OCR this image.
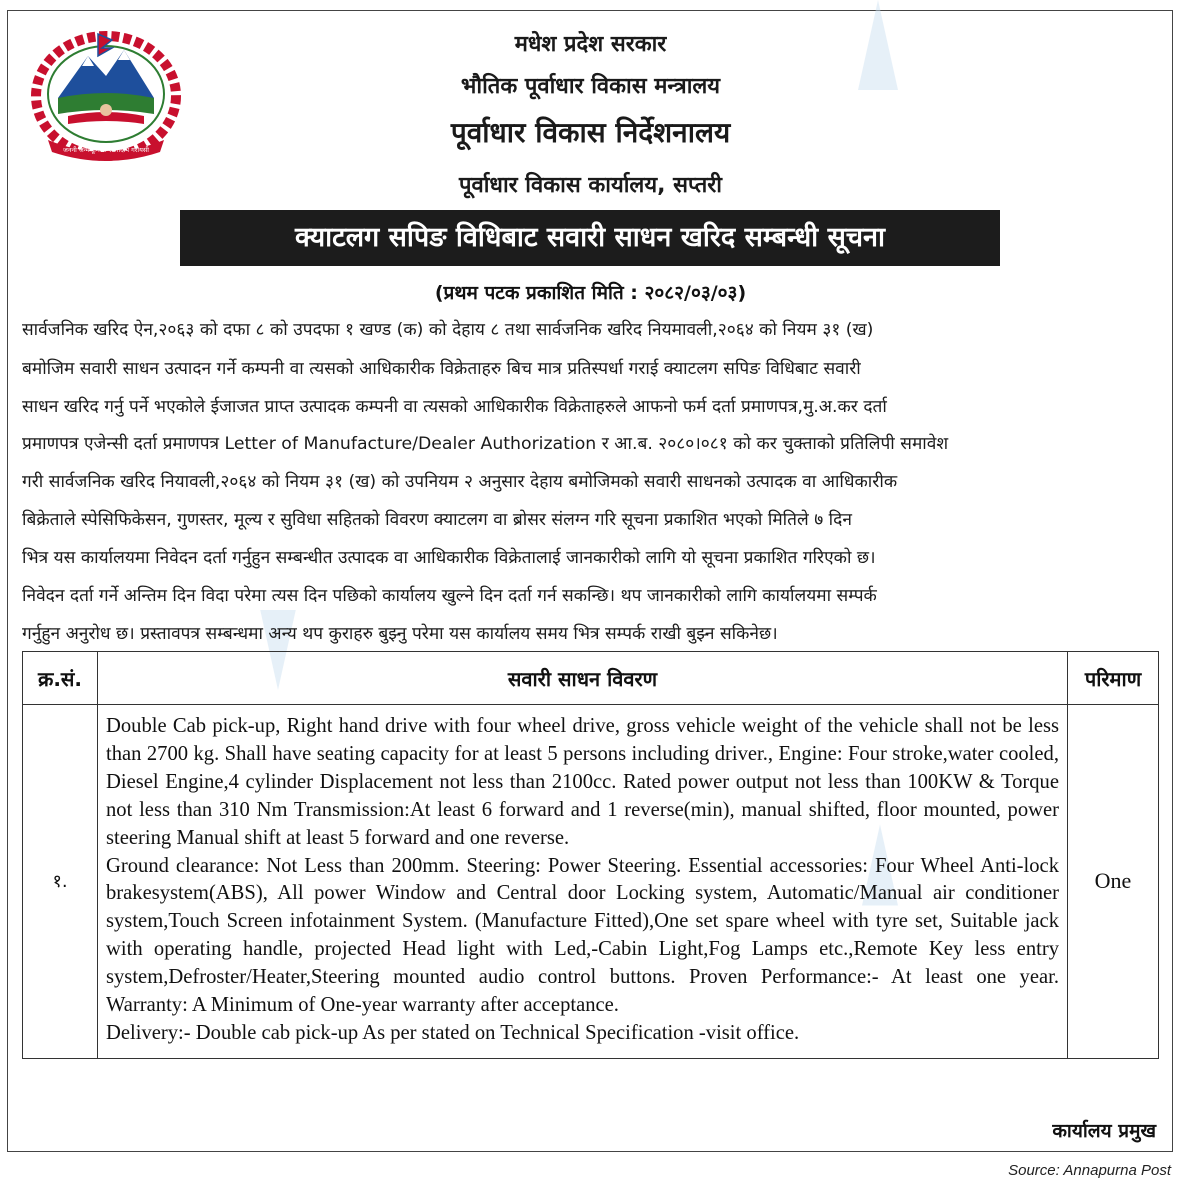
जननी जन्मभूमिश्च स्वर्गादपि गरीयसी
मधेश प्रदेश सरकार
भौतिक पूर्वाधार विकास मन्त्रालय
पूर्वाधार विकास निर्देशनालय
पूर्वाधार विकास कार्यालय, सप्तरी
क्याटलग सपिङ विधिबाट सवारी साधन खरिद सम्बन्धी सूचना
(प्रथम पटक प्रकाशित मिति : २०८२/०३/०३)
सार्वजनिक खरिद ऐन,२०६३ को दफा ८ को उपदफा १ खण्ड (क) को देहाय ८ तथा सार्वजनिक खरिद नियमावली,२०६४ को नियम ३१ (ख)
बमोजिम सवारी साधन उत्पादन गर्ने कम्पनी वा त्यसको आधिकारीक विक्रेताहरु बिच मात्र प्रतिस्पर्धा गराई क्याटलग सपिङ विधिबाट सवारी
साधन खरिद गर्नु पर्ने भएकोले ईजाजत प्राप्त उत्पादक कम्पनी वा त्यसको आधिकारीक विक्रेताहरुले आफनो फर्म दर्ता प्रमाणपत्र,मु.अ.कर दर्ता
प्रमाणपत्र एजेन्सी दर्ता प्रमाणपत्र Letter of Manufacture/Dealer Authorization र आ.ब. २०८०।०८१ को कर चुक्ताको प्रतिलिपी समावेश
गरी सार्वजनिक खरिद नियावली,२०६४ को नियम ३१ (ख) को उपनियम २ अनुसार देहाय बमोजिमको सवारी साधनको उत्पादक वा आधिकारीक
बिक्रेताले स्पेसिफिकेसन, गुणस्तर, मूल्य र सुविधा सहितको विवरण क्याटलग वा ब्रोसर संलग्न गरि सूचना प्रकाशित भएको मितिले ७ दिन
भित्र यस कार्यालयमा निवेदन दर्ता गर्नुहुन सम्बन्धीत उत्पादक वा आधिकारीक विक्रेतालाई जानकारीको लागि यो सूचना प्रकाशित गरिएको छ।
निवेदन दर्ता गर्ने अन्तिम दिन विदा परेमा त्यस दिन पछिको कार्यालय खुल्ने दिन दर्ता गर्न सकन्छि। थप जानकारीको लागि कार्यालयमा सम्पर्क
गर्नुहुन अनुरोध छ। प्रस्तावपत्र सम्बन्धमा अन्य थप कुराहरु बुझ्नु परेमा यस कार्यालय समय भित्र सम्पर्क राखी बुझ्न सकिनेछ।
क्र.सं.	सवारी साधन विवरण	परिमाण
१.	Double Cab pick-up, Right hand drive with four wheel drive, gross vehicle weight of the vehicle shall not be less than 2700 kg. Shall have seating capacity for at least 5 persons including driver., Engine: Four stroke,water cooled, Diesel Engine,4 cylinder Displacement not less than 2100cc. Rated power output not less than 100KW & Torque not less than 310 Nm Transmission:At least 6 forward and 1 reverse(min), manual shifted, floor mounted, power steering Manual shift at least 5 forward and one reverse.

Ground clearance: Not Less than 200mm. Steering: Power Steering. Essential accessories: Four Wheel Anti-lock brakesystem(ABS), All power Window and Central door Locking system, Automatic/Manual air conditioner system,Touch Screen infotainment System. (Manufacture Fitted),One set spare wheel with tyre set, Suitable jack with operating handle, projected Head light with Led,-Cabin Light,Fog Lamps etc.,Remote Key less entry system,Defroster/Heater,Steering mounted audio control buttons. Proven Performance:- At least one year. Warranty: A Minimum of One-year warranty after acceptance.

Delivery:- Double cab pick-up As per stated on Technical Specification -visit office.	One
कार्यालय प्रमुख
Source: Annapurna Post
